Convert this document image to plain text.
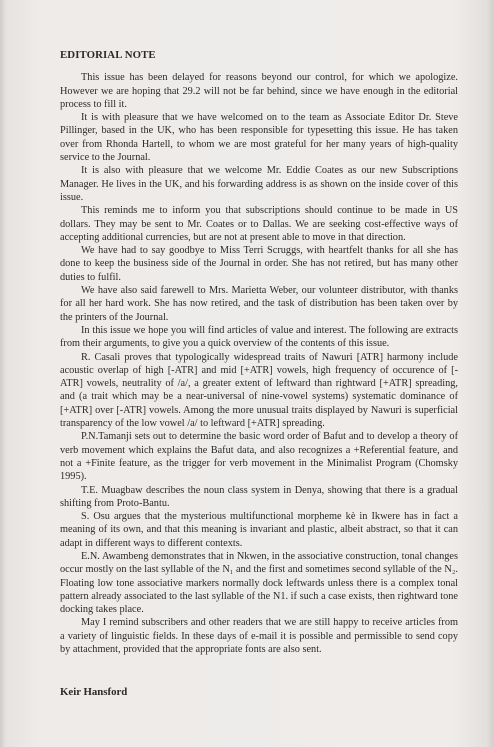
EDITORIAL NOTE

This issue has been delayed for reasons beyond our control, for which we apologize. However we are hoping that 29.2 will not be far behind, since we have enough in the editorial process to fill it.

It is with pleasure that we have welcomed on to the team as Associate Editor Dr. Steve Pillinger, based in the UK, who has been responsible for typesetting this issue. He has taken over from Rhonda Hartell, to whom we are most grateful for her many years of high-quality service to the Journal.

It is also with pleasure that we welcome Mr. Eddie Coates as our new Subscriptions Manager. He lives in the UK, and his forwarding address is as shown on the inside cover of this issue.

This reminds me to inform you that subscriptions should continue to be made in US dollars. They may be sent to Mr. Coates or to Dallas. We are seeking cost-effective ways of accepting additional currencies, but are not at present able to move in that direction.

We have had to say goodbye to Miss Terri Scruggs, with heartfelt thanks for all she has done to keep the business side of the Journal in order. She has not retired, but has many other duties to fulfil.

We have also said farewell to Mrs. Marietta Weber, our volunteer distributor, with thanks for all her hard work. She has now retired, and the task of distribution has been taken over by the printers of the Journal.

In this issue we hope you will find articles of value and interest. The following are extracts from their arguments, to give you a quick overview of the contents of this issue.

R. Casali proves that typologically widespread traits of Nawuri [ATR] harmony include acoustic overlap of high [-ATR] and mid [+ATR] vowels, high frequency of occurence of [-ATR] vowels, neutrality of /a/, a greater extent of leftward than rightward [+ATR] spreading, and (a trait which may be a near-universal of nine-vowel systems) systematic dominance of [+ATR] over [-ATR] vowels. Among the more unusual traits displayed by Nawuri is superficial transparency of the low vowel /a/ to leftward [+ATR] spreading.

P.N.Tamanji sets out to determine the basic word order of Bafut and to develop a theory of verb movement which explains the Bafut data, and also recognizes a +Referential feature, and not a +Finite feature, as the trigger for verb movement in the Minimalist Program (Chomsky 1995).

T.E. Muagbaw describes the noun class system in Denya, showing that there is a gradual shifting from Proto-Bantu.

S. Osu argues that the mysterious multifunctional morpheme kè in Ikwere has in fact a meaning of its own, and that this meaning is invariant and plastic, albeit abstract, so that it can adapt in different ways to different contexts.

E.N. Awambeng demonstrates that in Nkwen, in the associative construction, tonal changes occur mostly on the last syllable of the N₁ and the first and sometimes second syllable of the N₂. Floating low tone associative markers normally dock leftwards unless there is a complex tonal pattern already associated to the last syllable of the N1. if such a case exists, then rightward tone docking takes place.

May I remind subscribers and other readers that we are still happy to receive articles from a variety of linguistic fields. In these days of e-mail it is possible and permissible to send copy by attachment, provided that the appropriate fonts are also sent.

Keir Hansford
